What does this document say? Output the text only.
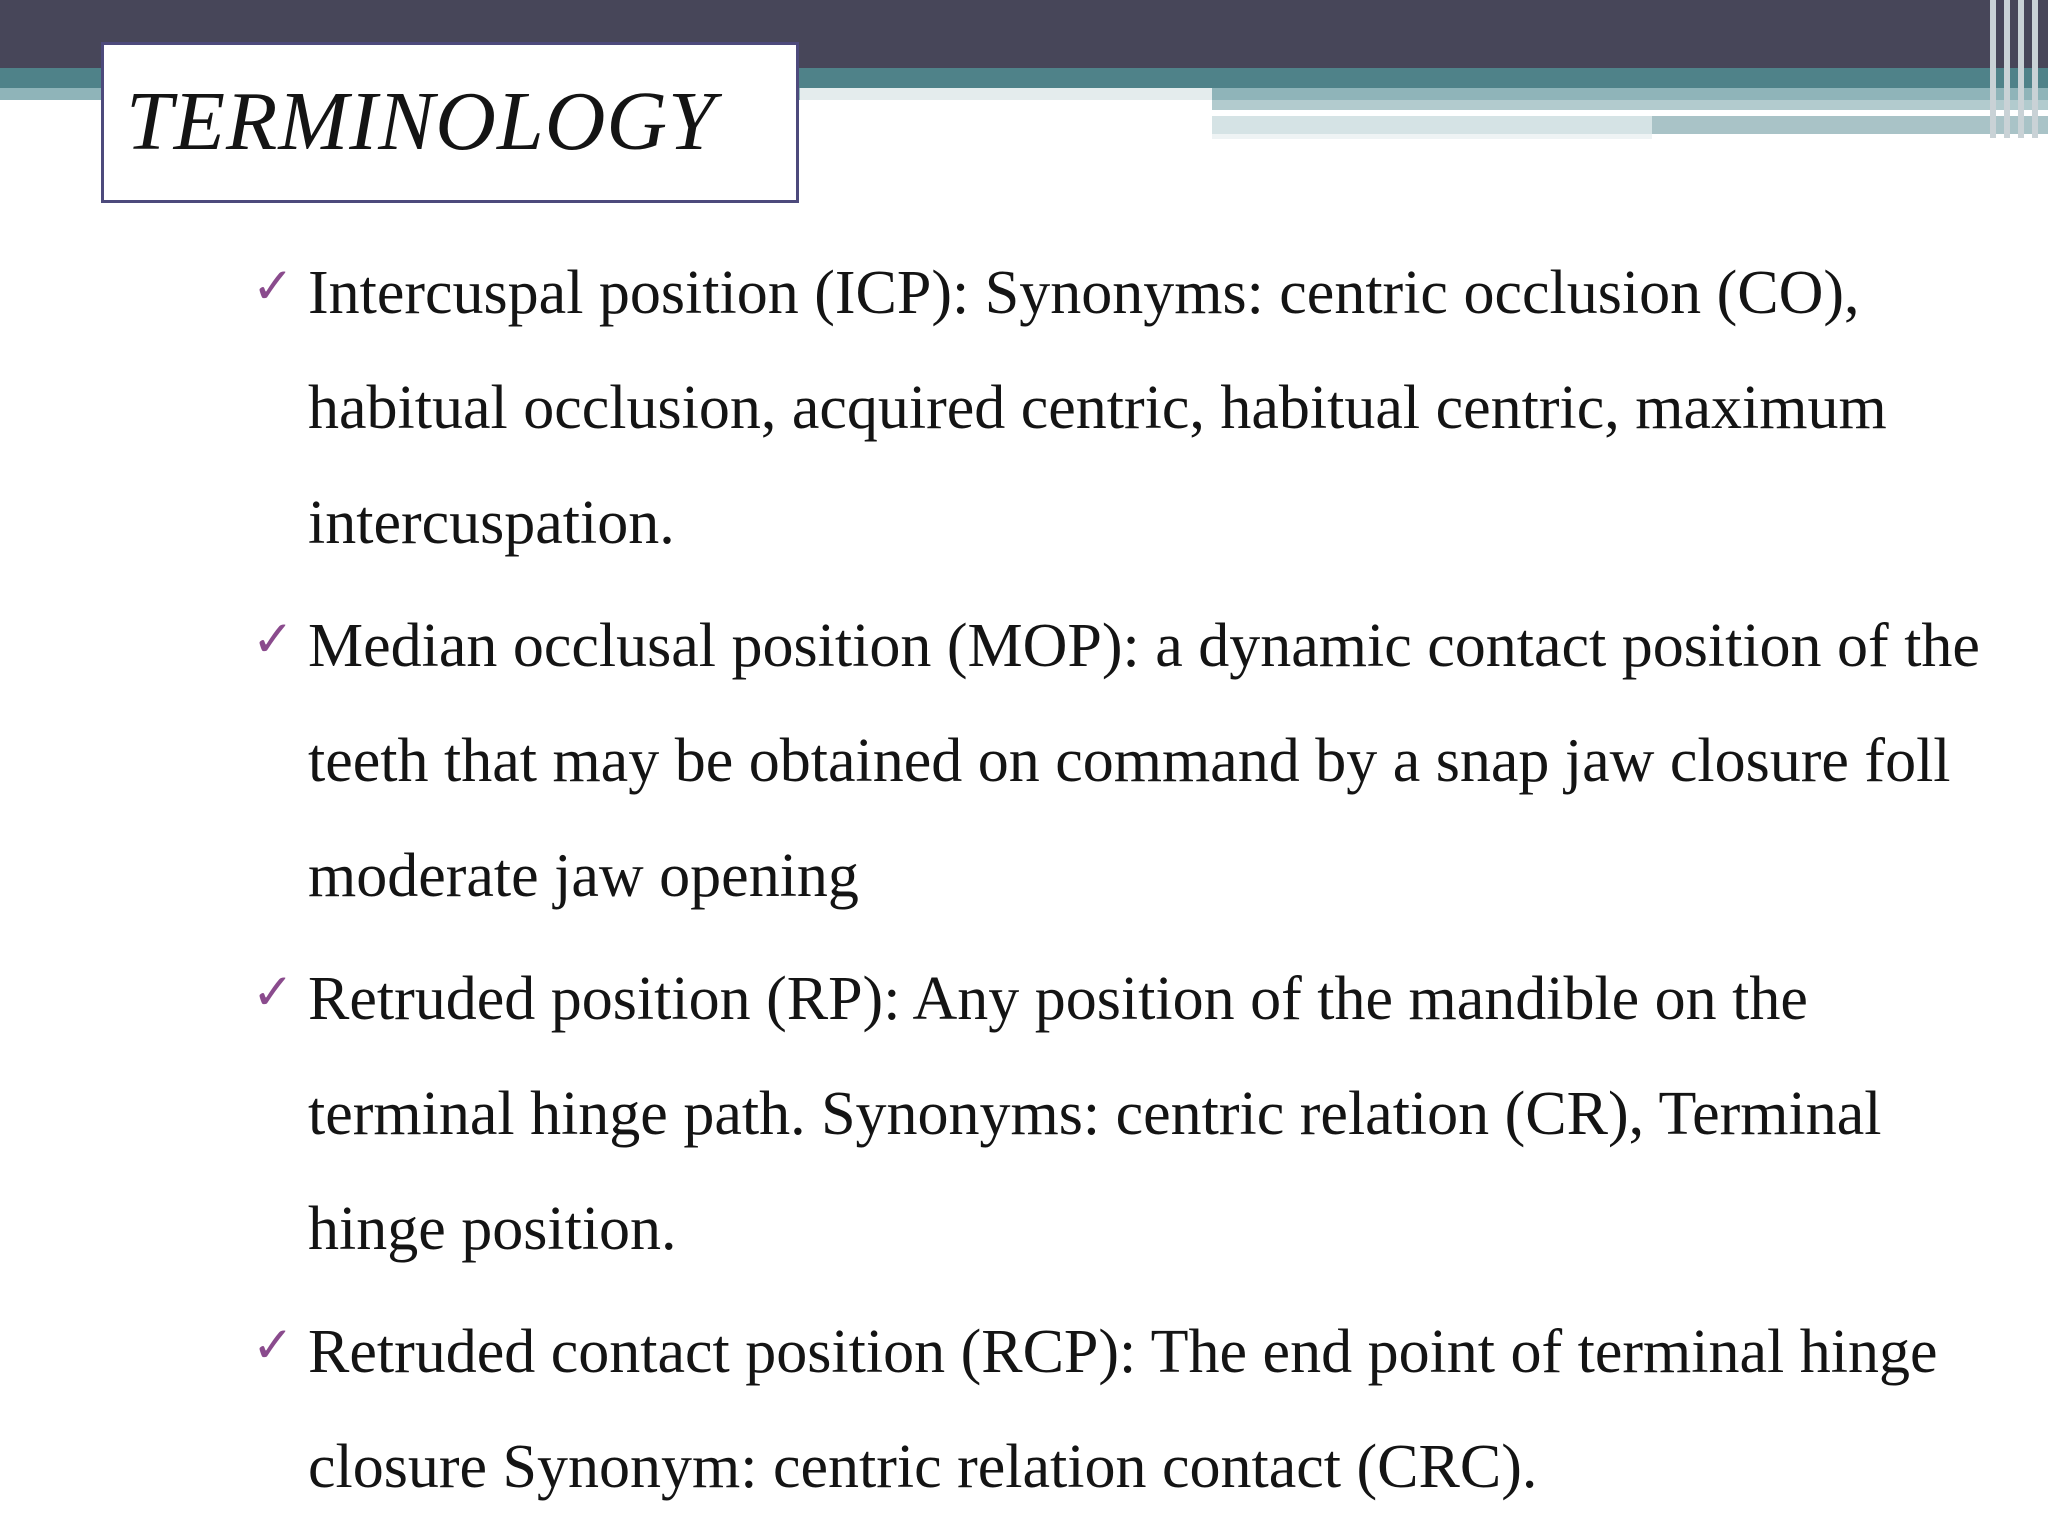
TERMINOLOGY
✓ Intercuspal position (ICP): Synonyms: centric occlusion (CO), habitual occlusion, acquired centric, habitual centric, maximum intercuspation.
✓ Median occlusal position (MOP): a dynamic contact position of the teeth that may be obtained on command by a snap jaw closure foll moderate jaw opening
✓ Retruded position (RP): Any position of the mandible on the terminal hinge path. Synonyms: centric relation (CR), Terminal hinge position.
✓ Retruded contact position (RCP): The end point of terminal hinge closure Synonym: centric relation contact (CRC).
